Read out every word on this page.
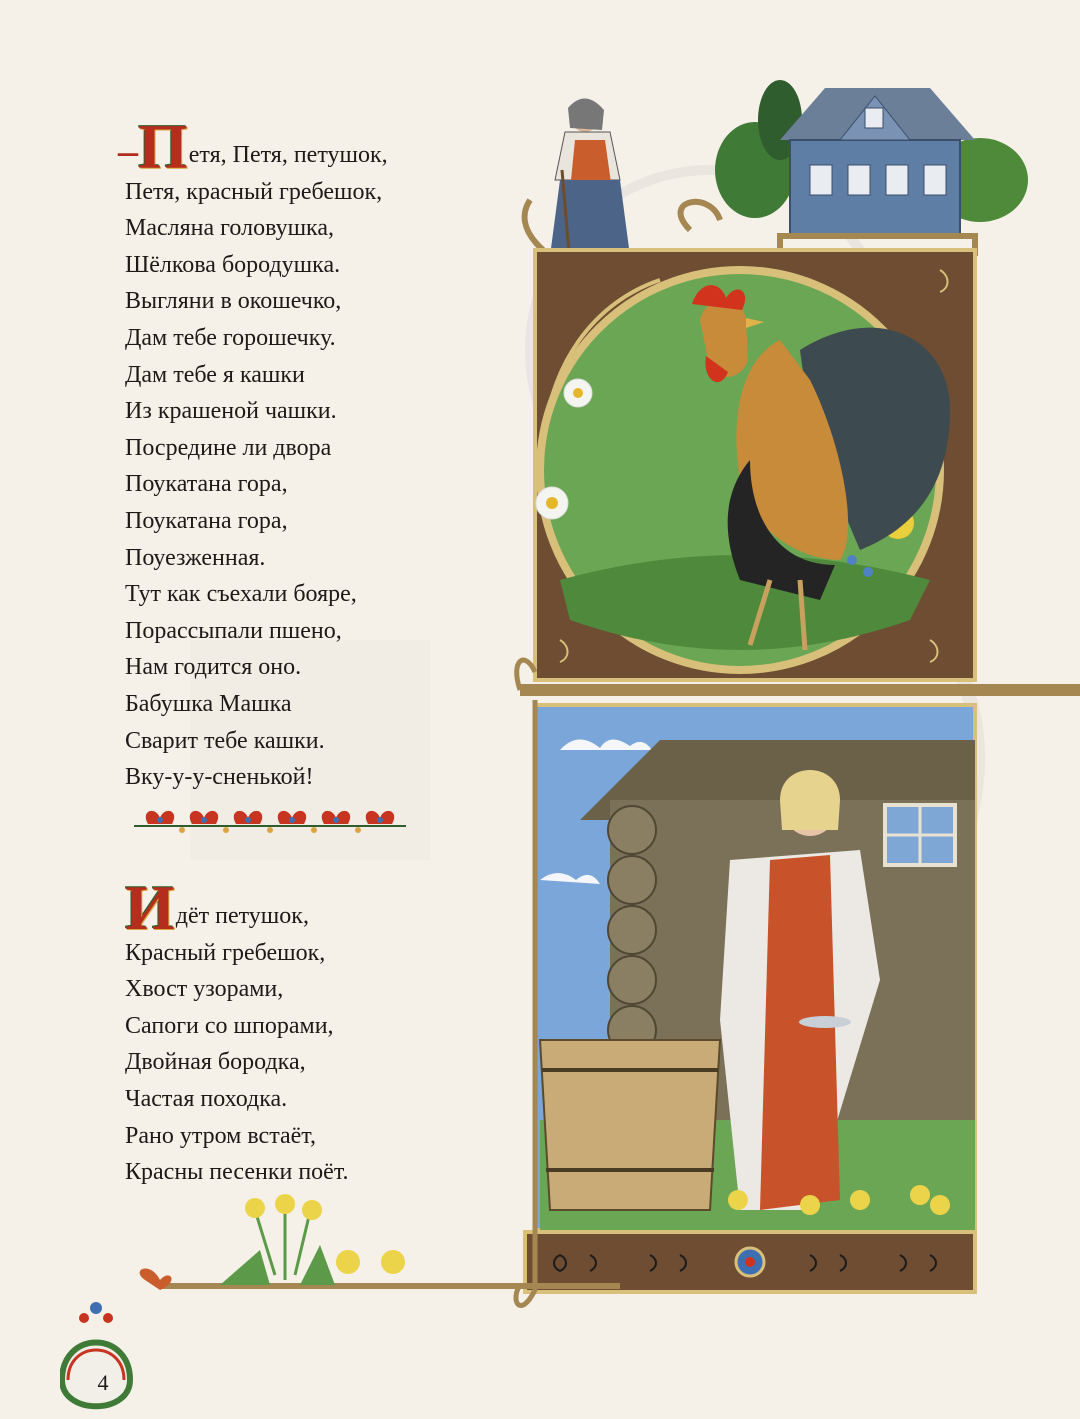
–Петя, Петя, петушок,
Петя, красный гребешок,
Масляна головушка,
Шёлкова бородушка.
Выгляни в окошечко,
Дам тебе горошечку.
Дам тебе я кашки
Из крашеной чашки.
Посредине ли двора
Поукатана гора,
Поукатана гора,
Поуезженная.
Тут как съехали бояре,
Порассыпали пшено,
Нам годится оно.
Бабушка Машка
Сварит тебе кашки.
Вку-у-у-сненькой!
Идёт петушок,
Красный гребешок,
Хвост узорами,
Сапоги со шпорами,
Двойная бородка,
Частая походка.
Рано утром встаёт,
Красны песенки поёт.
4
